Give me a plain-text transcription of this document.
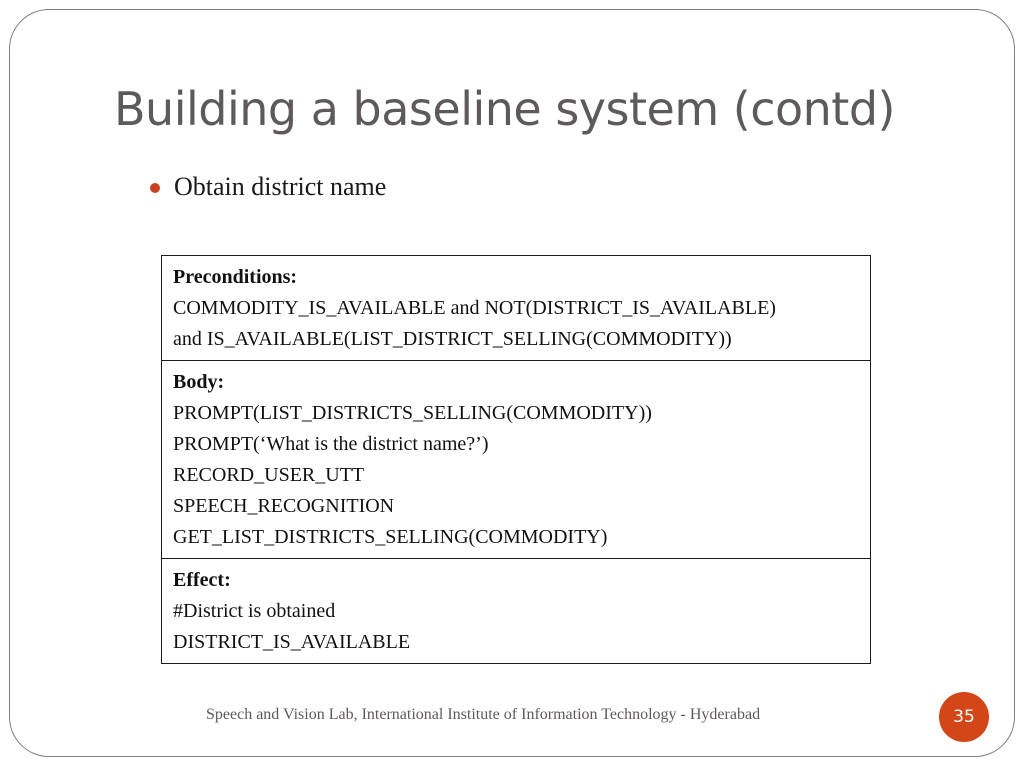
Building a baseline system (contd)
Obtain district name
Preconditions:
COMMODITY_IS_AVAILABLE and NOT(DISTRICT_IS_AVAILABLE)
and IS_AVAILABLE(LIST_DISTRICT_SELLING(COMMODITY))
Body:
PROMPT(LIST_DISTRICTS_SELLING(COMMODITY))
PROMPT(‘What is the district name?’)
RECORD_USER_UTT
SPEECH_RECOGNITION
GET_LIST_DISTRICTS_SELLING(COMMODITY)
Effect:
#District is obtained
DISTRICT_IS_AVAILABLE
Speech and Vision Lab, International Institute of Information Technology - Hyderabad	35
